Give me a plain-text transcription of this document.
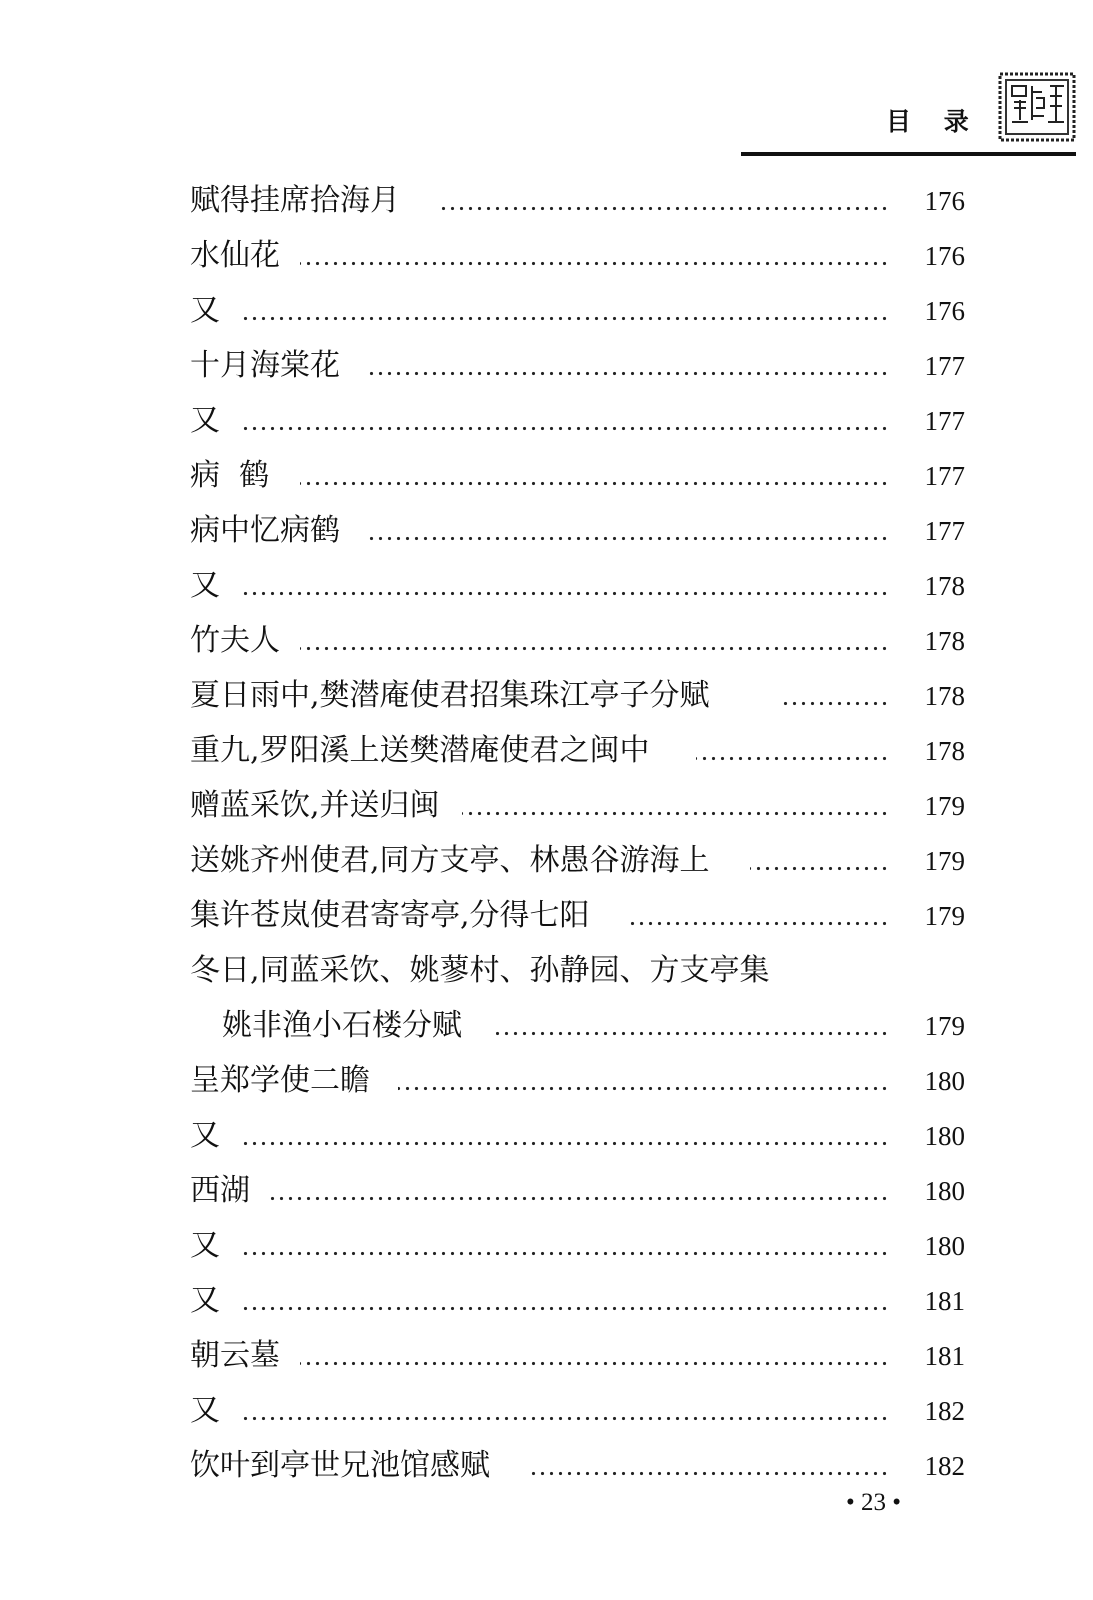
目 录
赋得挂席拾海月	176
水仙花	176
又	176
十月海棠花	177
又	177
病  鹤	177
病中忆病鹤	177
又	178
竹夫人	178
夏日雨中,樊潜庵使君招集珠江亭子分赋	178
重九,罗阳溪上送樊潜庵使君之闽中	178
赠蓝采饮,并送归闽	179
送姚齐州使君,同方支亭、林愚谷游海上	179
集许苍岚使君寄寄亭,分得七阳	179
冬日,同蓝采饮、姚蓼村、孙静园、方支亭集
姚非渔小石楼分赋	179
呈郑学使二瞻	180
又	180
西湖	180
又	180
又	181
朝云墓	181
又	182
饮叶到亭世兄池馆感赋	182
• 23 •
